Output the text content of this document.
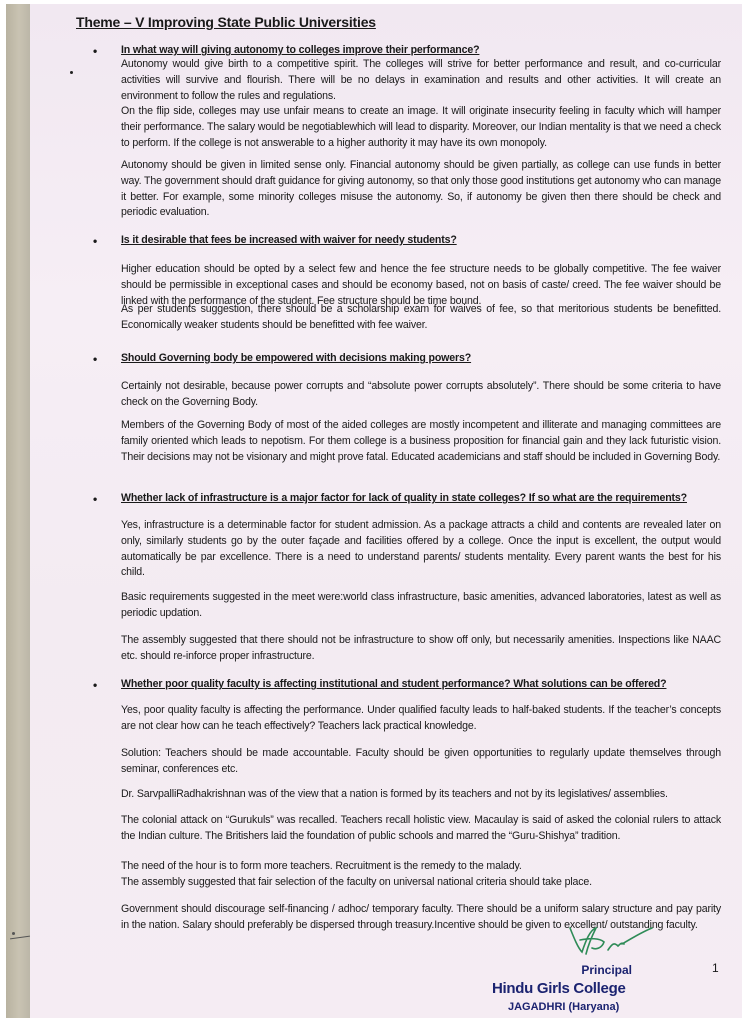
Theme – V Improving State Public Universities
• In what way will giving autonomy to colleges improve their performance?
Autonomy would give birth to a competitive spirit. The colleges will strive for better performance and result, and co-curricular activities will survive and flourish. There will be no delays in examination and results and other activities. It will create an environment to follow the rules and regulations.
On the flip side, colleges may use unfair means to create an image. It will originate insecurity feeling in faculty which will hamper their performance. The salary would be negotiablewhich will lead to disparity. Moreover, our Indian mentality is that we need a check to perform. If the college is not answerable to a higher authority it may have its own monopoly.
Autonomy should be given in limited sense only. Financial autonomy should be given partially, as college can use funds in better way. The government should draft guidance for giving autonomy, so that only those good institutions get autonomy who can manage it better. For example, some minority colleges misuse the autonomy. So, if autonomy be given then there should be check and periodic evaluation.
• Is it desirable that fees be increased with waiver for needy students?
Higher education should be opted by a select few and hence the fee structure needs to be globally competitive. The fee waiver should be permissible in exceptional cases and should be economy based, not on basis of caste/ creed. The fee waiver should be linked with the performance of the student. Fee structure should be time bound.
As per students suggestion, there should be a scholarship exam for waives of fee, so that meritorious students be benefitted. Economically weaker students should be benefitted with fee waiver.
• Should Governing body be empowered with decisions making powers?
Certainly not desirable, because power corrupts and “absolute power corrupts absolutely”. There should be some criteria to have check on the Governing Body.
Members of the Governing Body of most of the aided colleges are mostly incompetent and illiterate and managing committees are family oriented which leads to nepotism. For them college is a business proposition for financial gain and they lack futuristic vision. Their decisions may not be visionary and might prove fatal. Educated academicians and staff should be included in Governing Body.
• Whether lack of infrastructure is a major factor for lack of quality in state colleges? If so what are the requirements?
Yes, infrastructure is a determinable factor for student admission. As a package attracts a child and contents are revealed later on only, similarly students go by the outer façade and facilities offered by a college. Once the input is excellent, the output would automatically be par excellence. There is a need to understand parents/ students mentality. Every parent wants the best for his child.
Basic requirements suggested in the meet were:world class infrastructure, basic amenities, advanced laboratories, latest as well as periodic updation.
The assembly suggested that there should not be infrastructure to show off only, but necessarily amenities. Inspections like NAAC etc. should re-inforce proper infrastructure.
• Whether poor quality faculty is affecting institutional and student performance? What solutions can be offered?
Yes, poor quality faculty is affecting the performance. Under qualified faculty leads to half-baked students. If the teacher’s concepts are not clear how can he teach effectively? Teachers lack practical knowledge.
Solution: Teachers should be made accountable. Faculty should be given opportunities to regularly update themselves through seminar, conferences etc.
Dr. SarvpalliRadhakrishnan was of the view that a nation is formed by its teachers and not by its legislatives/ assemblies.
The colonial attack on “Gurukuls” was recalled. Teachers recall holistic view. Macaulay is said of asked the colonial rulers to attack the Indian culture. The Britishers laid the foundation of public schools and marred the “Guru-Shishya” tradition.
The need of the hour is to form more teachers. Recruitment is the remedy to the malady.
The assembly suggested that fair selection of the faculty on universal national criteria should take place.
Government should discourage self-financing / adhoc/ temporary faculty. There should be a uniform salary structure and pay parity in the nation. Salary should preferably be dispersed through treasury.Incentive should be given to excellent/ outstanding faculty.
1
Principal
Hindu Girls College
JAGADHRI (Haryana)
